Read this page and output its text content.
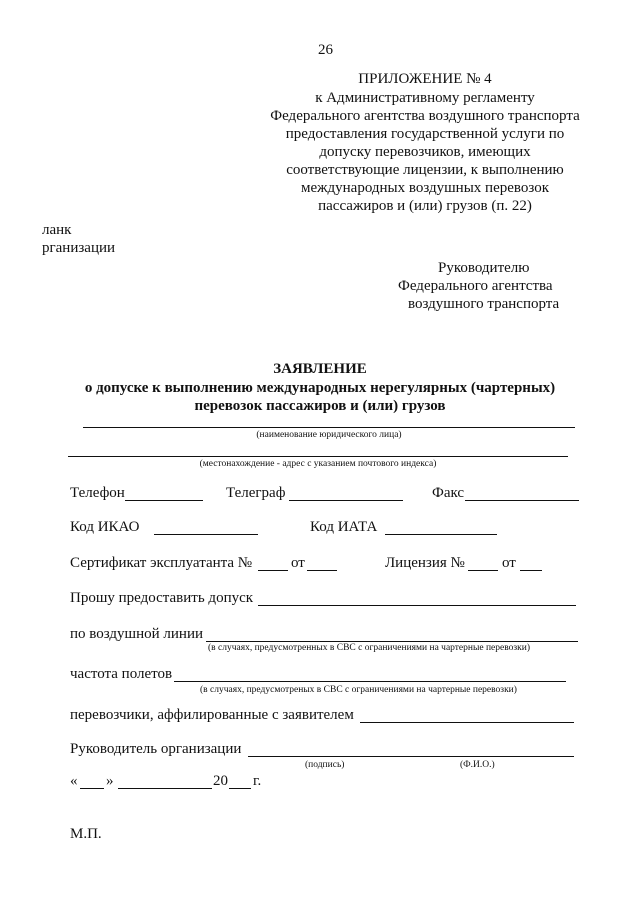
26
ПРИЛОЖЕНИЕ № 4
к Административному регламенту
Федерального агентства воздушного транспорта
предоставления государственной услуги по
допуску перевозчиков, имеющих
соответствующие лицензии, к выполнению
международных воздушных перевозок
пассажиров и (или) грузов (п. 22)
ланк
рганизации
Руководителю
Федерального агентства
воздушного транспорта
ЗАЯВЛЕНИЕ
о допуске к выполнению международных нерегулярных (чартерных)
перевозок пассажиров и (или) грузов
(наименование юридического лица)
(местонахождение - адрес с указанием почтового индекса)
Телефон	Телеграф	Факс
Код ИКАО	Код ИАТА
Сертификат эксплуатанта №	от	Лицензия № от
Прошу предоставить допуск
по воздушной линии
(в случаях, предусмотренных в СВС с ограничениями на чартерные перевозки)
частота полетов
(в случаях, предусмотреных в СВС с ограничениями на чартерные перевозки)
перевозчики, аффилированные с заявителем
Руководитель организации
(подпись)	(Ф.И.О.)
« »	20 г.
М.П.
